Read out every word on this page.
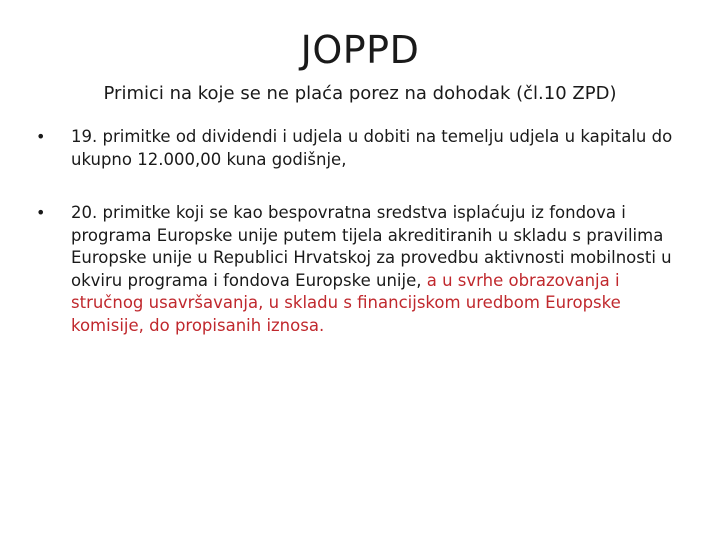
JOPPD

Primici na koje se ne plaća porez na dohodak (čl.10 ZPD)

• 19. primitke od dividendi i udjela u dobiti na temelju udjela u kapitalu do ukupno 12.000,00 kuna godišnje,
• 20. primitke koji se kao bespovratna sredstva isplaćuju iz fondova i programa Europske unije putem tijela akreditiranih u skladu s pravilima Europske unije u Republici Hrvatskoj za provedbu aktivnosti mobilnosti u okviru programa i fondova Europske unije, a u svrhe obrazovanja i stručnog usavršavanja, u skladu s financijskom uredbom Europske komisije, do propisanih iznosa.
